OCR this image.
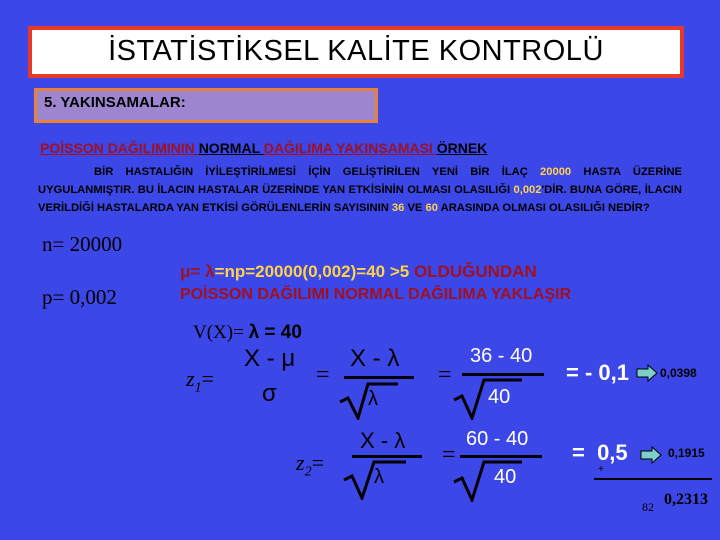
İSTATİSTİKSEL KALİTE KONTROLÜ
5. YAKINSAMALAR:
POİSSON DAĞILIMININ NORMAL DAĞILIMA YAKINSAMASI ÖRNEK
BİR HASTALIĞIN İYİLEŞTİRİLMESİ İÇİN GELİŞTİRİLEN YENİ BİR İLAÇ 20000 HASTA ÜZERİNE UYGULANMIŞTIR. BU İLACIN HASTALAR ÜZERİNDE YAN ETKİSİNİN OLMASI OLASILIĞI 0,002'DİR. BUNA GÖRE, İLACIN VERİLDİĞİ HASTALARDA YAN ETKİSİ GÖRÜLENLERİN SAYISININ 36 VE 60 ARASINDA OLMASI OLASILIĞI NEDİR?
n= 20000
p= 0,002
μ= λ=np=20000(0,002)=40 >5 OLDUĞUNDAN
POİSSON DAĞILIMI NORMAL DAĞILIMA YAKLAŞIR
V(X)= λ = 40
$z_1=$
X - μ
σ
=
X - λ
λ
=
36 - 40
40
= - 0,1	0,0398
$z_2=$
X - λ
λ
=
60 - 40
40
=  0,5	0,1915
+
82 0,2313
